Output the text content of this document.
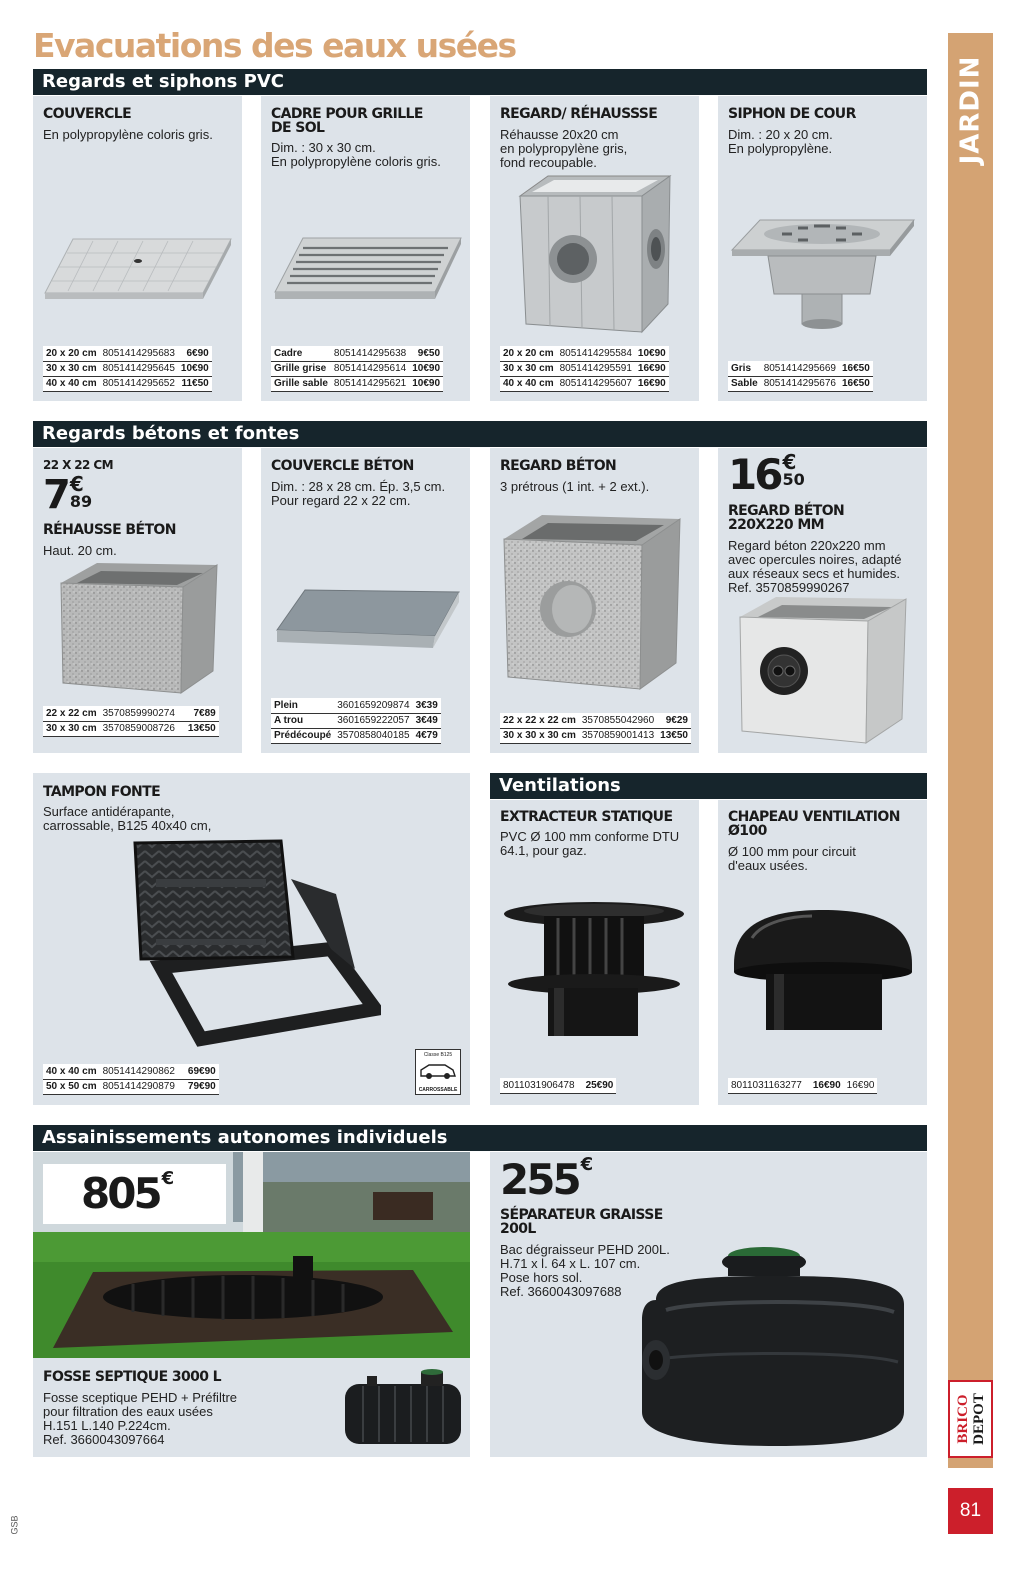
Evacuations des eaux usées
JARDIN
BRICO DEPOT
81
GSB
Regards et siphons PVC
COUVERCLE
En polypropylène coloris gris.
20 x 20 cm	8051414295683	6€90
30 x 30 cm	8051414295645	10€90
40 x 40 cm	8051414295652	11€50
CADRE POUR GRILLE
DE SOL
Dim. : 30 x 30 cm.
En polypropylène coloris gris.
Cadre	8051414295638	9€50
Grille grise	8051414295614	10€90
Grille sable	8051414295621	10€90
REGARD/ RÉHAUSSSE
Réhausse 20x20 cm
en polypropylène gris,
fond recoupable.
20 x 20 cm	8051414295584	10€90
30 x 30 cm	8051414295591	16€90
40 x 40 cm	8051414295607	16€90
SIPHON DE COUR
Dim. : 20 x 20 cm.
En polypropylène.
Gris	8051414295669	16€50
Sable	8051414295676	16€50
Regards bétons et fontes
22 X 22 CM
7 €
89
RÉHAUSSE BÉTON
Haut. 20 cm.
22 x 22 cm	3570859990274	7€89
30 x 30 cm	3570859008726	13€50
COUVERCLE BÉTON
Dim. : 28 x 28 cm. Ép. 3,5 cm.
Pour regard 22 x 22 cm.
Plein	3601659209874	3€39
A trou	3601659222057	3€49
Prédécoupé	3570858040185	4€79
REGARD BÉTON
3 prétrous (1 int. + 2 ext.).
22 x 22 x 22 cm	3570855042960	9€29
30 x 30 x 30 cm	3570859001413	13€50
16 €
50
REGARD BÉTON
220X220 MM
Regard béton 220x220 mm
avec opercules noires, adapté
aux réseaux secs et humides.
Ref. 3570859990267
TAMPON FONTE
Surface antidérapante,
carrossable, B125 40x40 cm,
Classe B125
CARROSSABLE
40 x 40 cm	8051414290862	69€90
50 x 50 cm	8051414290879	79€90
Ventilations
EXTRACTEUR STATIQUE
PVC Ø 100 mm conforme DTU
64.1, pour gaz.
8011031906478	25€90
CHAPEAU VENTILATION
Ø100
Ø 100 mm pour circuit
d'eaux usées.
8011031163277	16€90	16€90
Assainissements autonomes individuels
805 €
FOSSE SEPTIQUE 3000 L
Fosse sceptique PEHD + Préfiltre
pour filtration des eaux usées
H.151 L.140 P.224cm.
Ref. 3660043097664
255 €
SÉPARATEUR GRAISSE
200L
Bac dégraisseur PEHD 200L.
H.71 x l. 64 x L. 107 cm.
Pose hors sol.
Ref. 3660043097688
